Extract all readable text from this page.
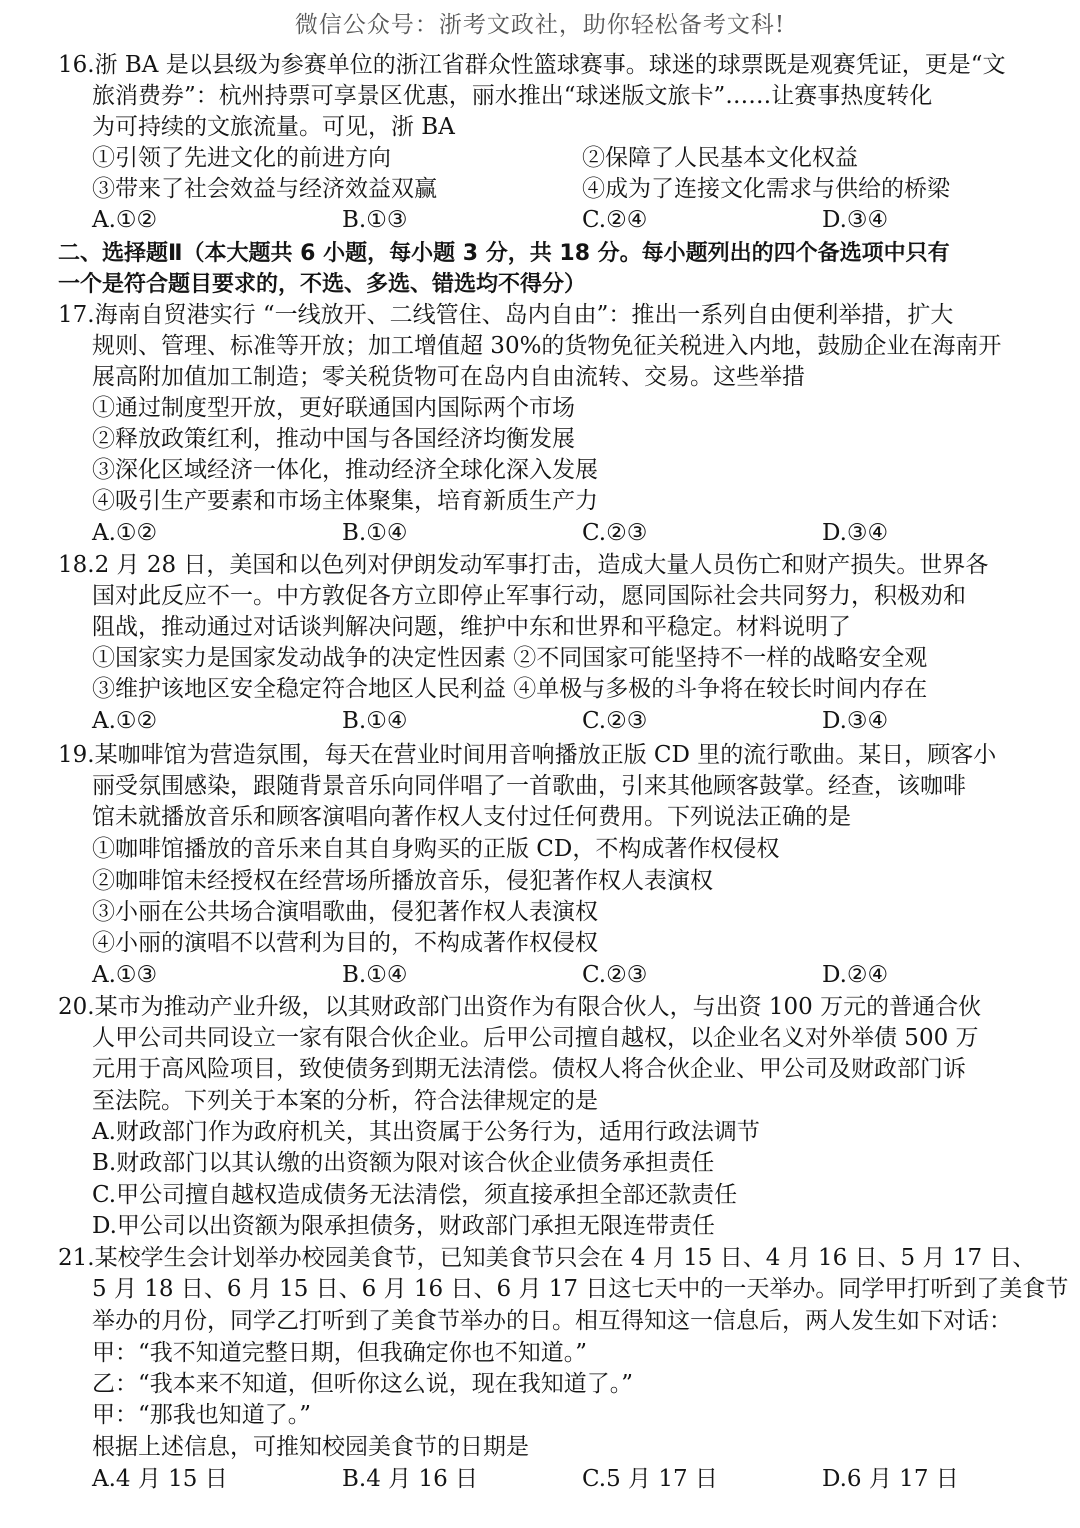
微信公众号：浙考文政社，助你轻松备考文科!
16.浙 BA 是以县级为参赛单位的浙江省群众性篮球赛事。球迷的球票既是观赛凭证，更是“文
旅消费券”：杭州持票可享景区优惠，丽水推出“球迷版文旅卡”……让赛事热度转化
为可持续的文旅流量。可见，浙 BA
①引领了先进文化的前进方向	②保障了人民基本文化权益
③带来了社会效益与经济效益双赢	④成为了连接文化需求与供给的桥梁
A.①②	B.①③	C.②④	D.③④
二、选择题Ⅱ（本大题共 6 小题，每小题 3 分，共 18 分。每小题列出的四个备选项中只有
一个是符合题目要求的，不选、多选、错选均不得分）
17.海南自贸港实行 “一线放开、二线管住、岛内自由”：推出一系列自由便利举措，扩大
规则、管理、标准等开放；加工增值超 30%的货物免征关税进入内地，鼓励企业在海南开
展高附加值加工制造；零关税货物可在岛内自由流转、交易。这些举措
①通过制度型开放，更好联通国内国际两个市场
②释放政策红利，推动中国与各国经济均衡发展
③深化区域经济一体化，推动经济全球化深入发展
④吸引生产要素和市场主体聚集，培育新质生产力
A.①②	B.①④	C.②③	D.③④
18.2 月 28 日，美国和以色列对伊朗发动军事打击，造成大量人员伤亡和财产损失。世界各
国对此反应不一。中方敦促各方立即停止军事行动，愿同国际社会共同努力，积极劝和
阻战，推动通过对话谈判解决问题，维护中东和世界和平稳定。材料说明了
①国家实力是国家发动战争的决定性因素 ②不同国家可能坚持不一样的战略安全观
③维护该地区安全稳定符合地区人民利益 ④单极与多极的斗争将在较长时间内存在
A.①②	B.①④	C.②③	D.③④
19.某咖啡馆为营造氛围，每天在营业时间用音响播放正版 CD 里的流行歌曲。某日，顾客小
丽受氛围感染，跟随背景音乐向同伴唱了一首歌曲，引来其他顾客鼓掌。经查，该咖啡
馆未就播放音乐和顾客演唱向著作权人支付过任何费用。下列说法正确的是
①咖啡馆播放的音乐来自其自身购买的正版 CD，不构成著作权侵权
②咖啡馆未经授权在经营场所播放音乐，侵犯著作权人表演权
③小丽在公共场合演唱歌曲，侵犯著作权人表演权
④小丽的演唱不以营利为目的，不构成著作权侵权
A.①③	B.①④	C.②③	D.②④
20.某市为推动产业升级，以其财政部门出资作为有限合伙人，与出资 100 万元的普通合伙
人甲公司共同设立一家有限合伙企业。后甲公司擅自越权，以企业名义对外举债 500 万
元用于高风险项目，致使债务到期无法清偿。债权人将合伙企业、甲公司及财政部门诉
至法院。下列关于本案的分析，符合法律规定的是
A.财政部门作为政府机关，其出资属于公务行为，适用行政法调节
B.财政部门以其认缴的出资额为限对该合伙企业债务承担责任
C.甲公司擅自越权造成债务无法清偿，须直接承担全部还款责任
D.甲公司以出资额为限承担债务，财政部门承担无限连带责任
21.某校学生会计划举办校园美食节，已知美食节只会在 4 月 15 日、4 月 16 日、5 月 17 日、
5 月 18 日、6 月 15 日、6 月 16 日、6 月 17 日这七天中的一天举办。同学甲打听到了美食节
举办的月份，同学乙打听到了美食节举办的日。相互得知这一信息后，两人发生如下对话：
甲：“我不知道完整日期，但我确定你也不知道。”
乙：“我本来不知道，但听你这么说，现在我知道了。”
甲：“那我也知道了。”
根据上述信息，可推知校园美食节的日期是
A.4 月 15 日	B.4 月 16 日	C.5 月 17 日	D.6 月 17 日
